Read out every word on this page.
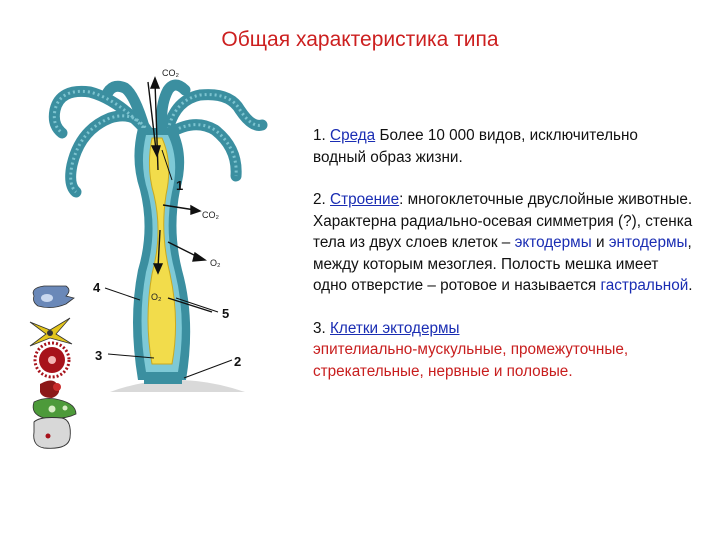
Общая характеристика типа
1
2
3
4
5
CO₂
CO₂
O₂
O₂

1. Среда Более 10 000 видов, исключительно водный образ жизни.

2. Строение: многоклеточные двуслойные животные. Характерна радиально-осевая симметрия (?), стенка тела из двух слоев клеток – эктодермы и энтодермы, между которым мезоглея. Полость мешка имеет одно отверстие – ротовое и называется гастральной.

3. Клетки эктодермы
эпителиально-мускульные, промежуточные, стрекательные, нервные и половые.
